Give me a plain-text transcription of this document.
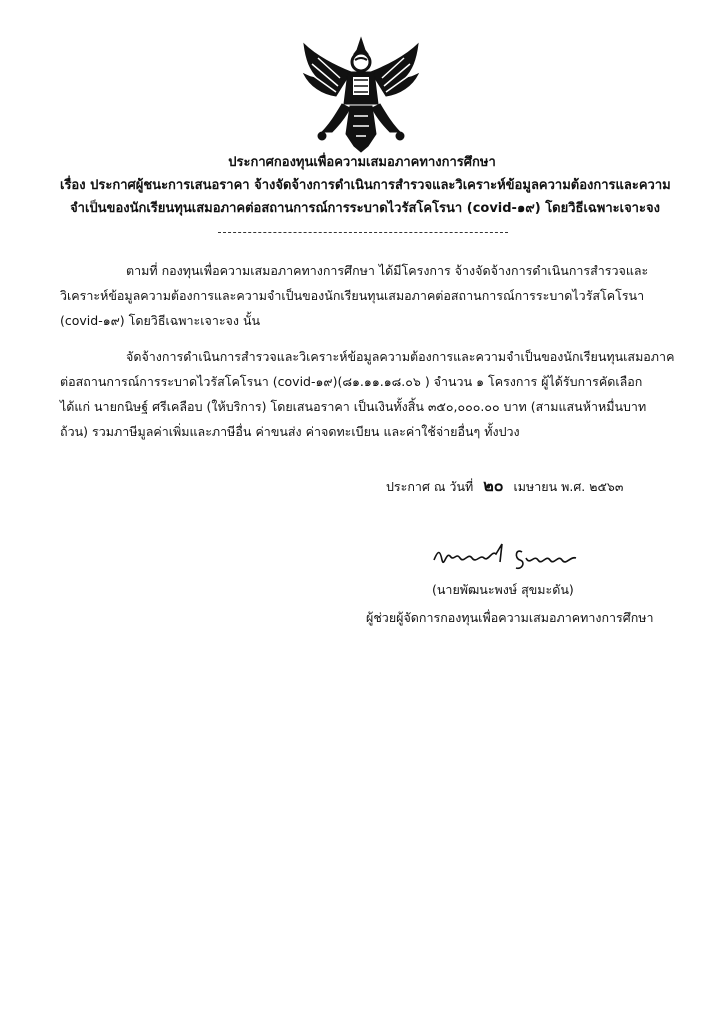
ประกาศกองทุนเพื่อความเสมอภาคทางการศึกษา
เรื่อง ประกาศผู้ชนะการเสนอราคา จ้างจัดจ้างการดำเนินการสำรวจและวิเคราะห์ข้อมูลความต้องการและความ
จำเป็นของนักเรียนทุนเสมอภาคต่อสถานการณ์การระบาดไวรัสโคโรนา (covid-๑๙) โดยวิธีเฉพาะเจาะจง
ตามที่ กองทุนเพื่อความเสมอภาคทางการศึกษา ได้มีโครงการ จ้างจัดจ้างการดำเนินการสำรวจและ
วิเคราะห์ข้อมูลความต้องการและความจำเป็นของนักเรียนทุนเสมอภาคต่อสถานการณ์การระบาดไวรัสโคโรนา
(covid-๑๙) โดยวิธีเฉพาะเจาะจง นั้น
จัดจ้างการดำเนินการสำรวจและวิเคราะห์ข้อมูลความต้องการและความจำเป็นของนักเรียนทุนเสมอภาค
ต่อสถานการณ์การระบาดไวรัสโคโรนา (covid-๑๙)(๘๑.๑๑.๑๘.๐๖ ) จำนวน ๑ โครงการ ผู้ได้รับการคัดเลือก
ได้แก่ นายกนิษฐ์ ศรีเคลือบ (ให้บริการ) โดยเสนอราคา เป็นเงินทั้งสิ้น ๓๕๐,๐๐๐.๐๐ บาท (สามแสนห้าหมื่นบาท
ถ้วน) รวมภาษีมูลค่าเพิ่มและภาษีอื่น ค่าขนส่ง ค่าจดทะเบียน และค่าใช้จ่ายอื่นๆ ทั้งปวง
ประกาศ ณ วันที่ ๒๐ เมษายน พ.ศ. ๒๕๖๓
(นายพัฒนะพงษ์ สุขมะดัน)
ผู้ช่วยผู้จัดการกองทุนเพื่อความเสมอภาคทางการศึกษา
